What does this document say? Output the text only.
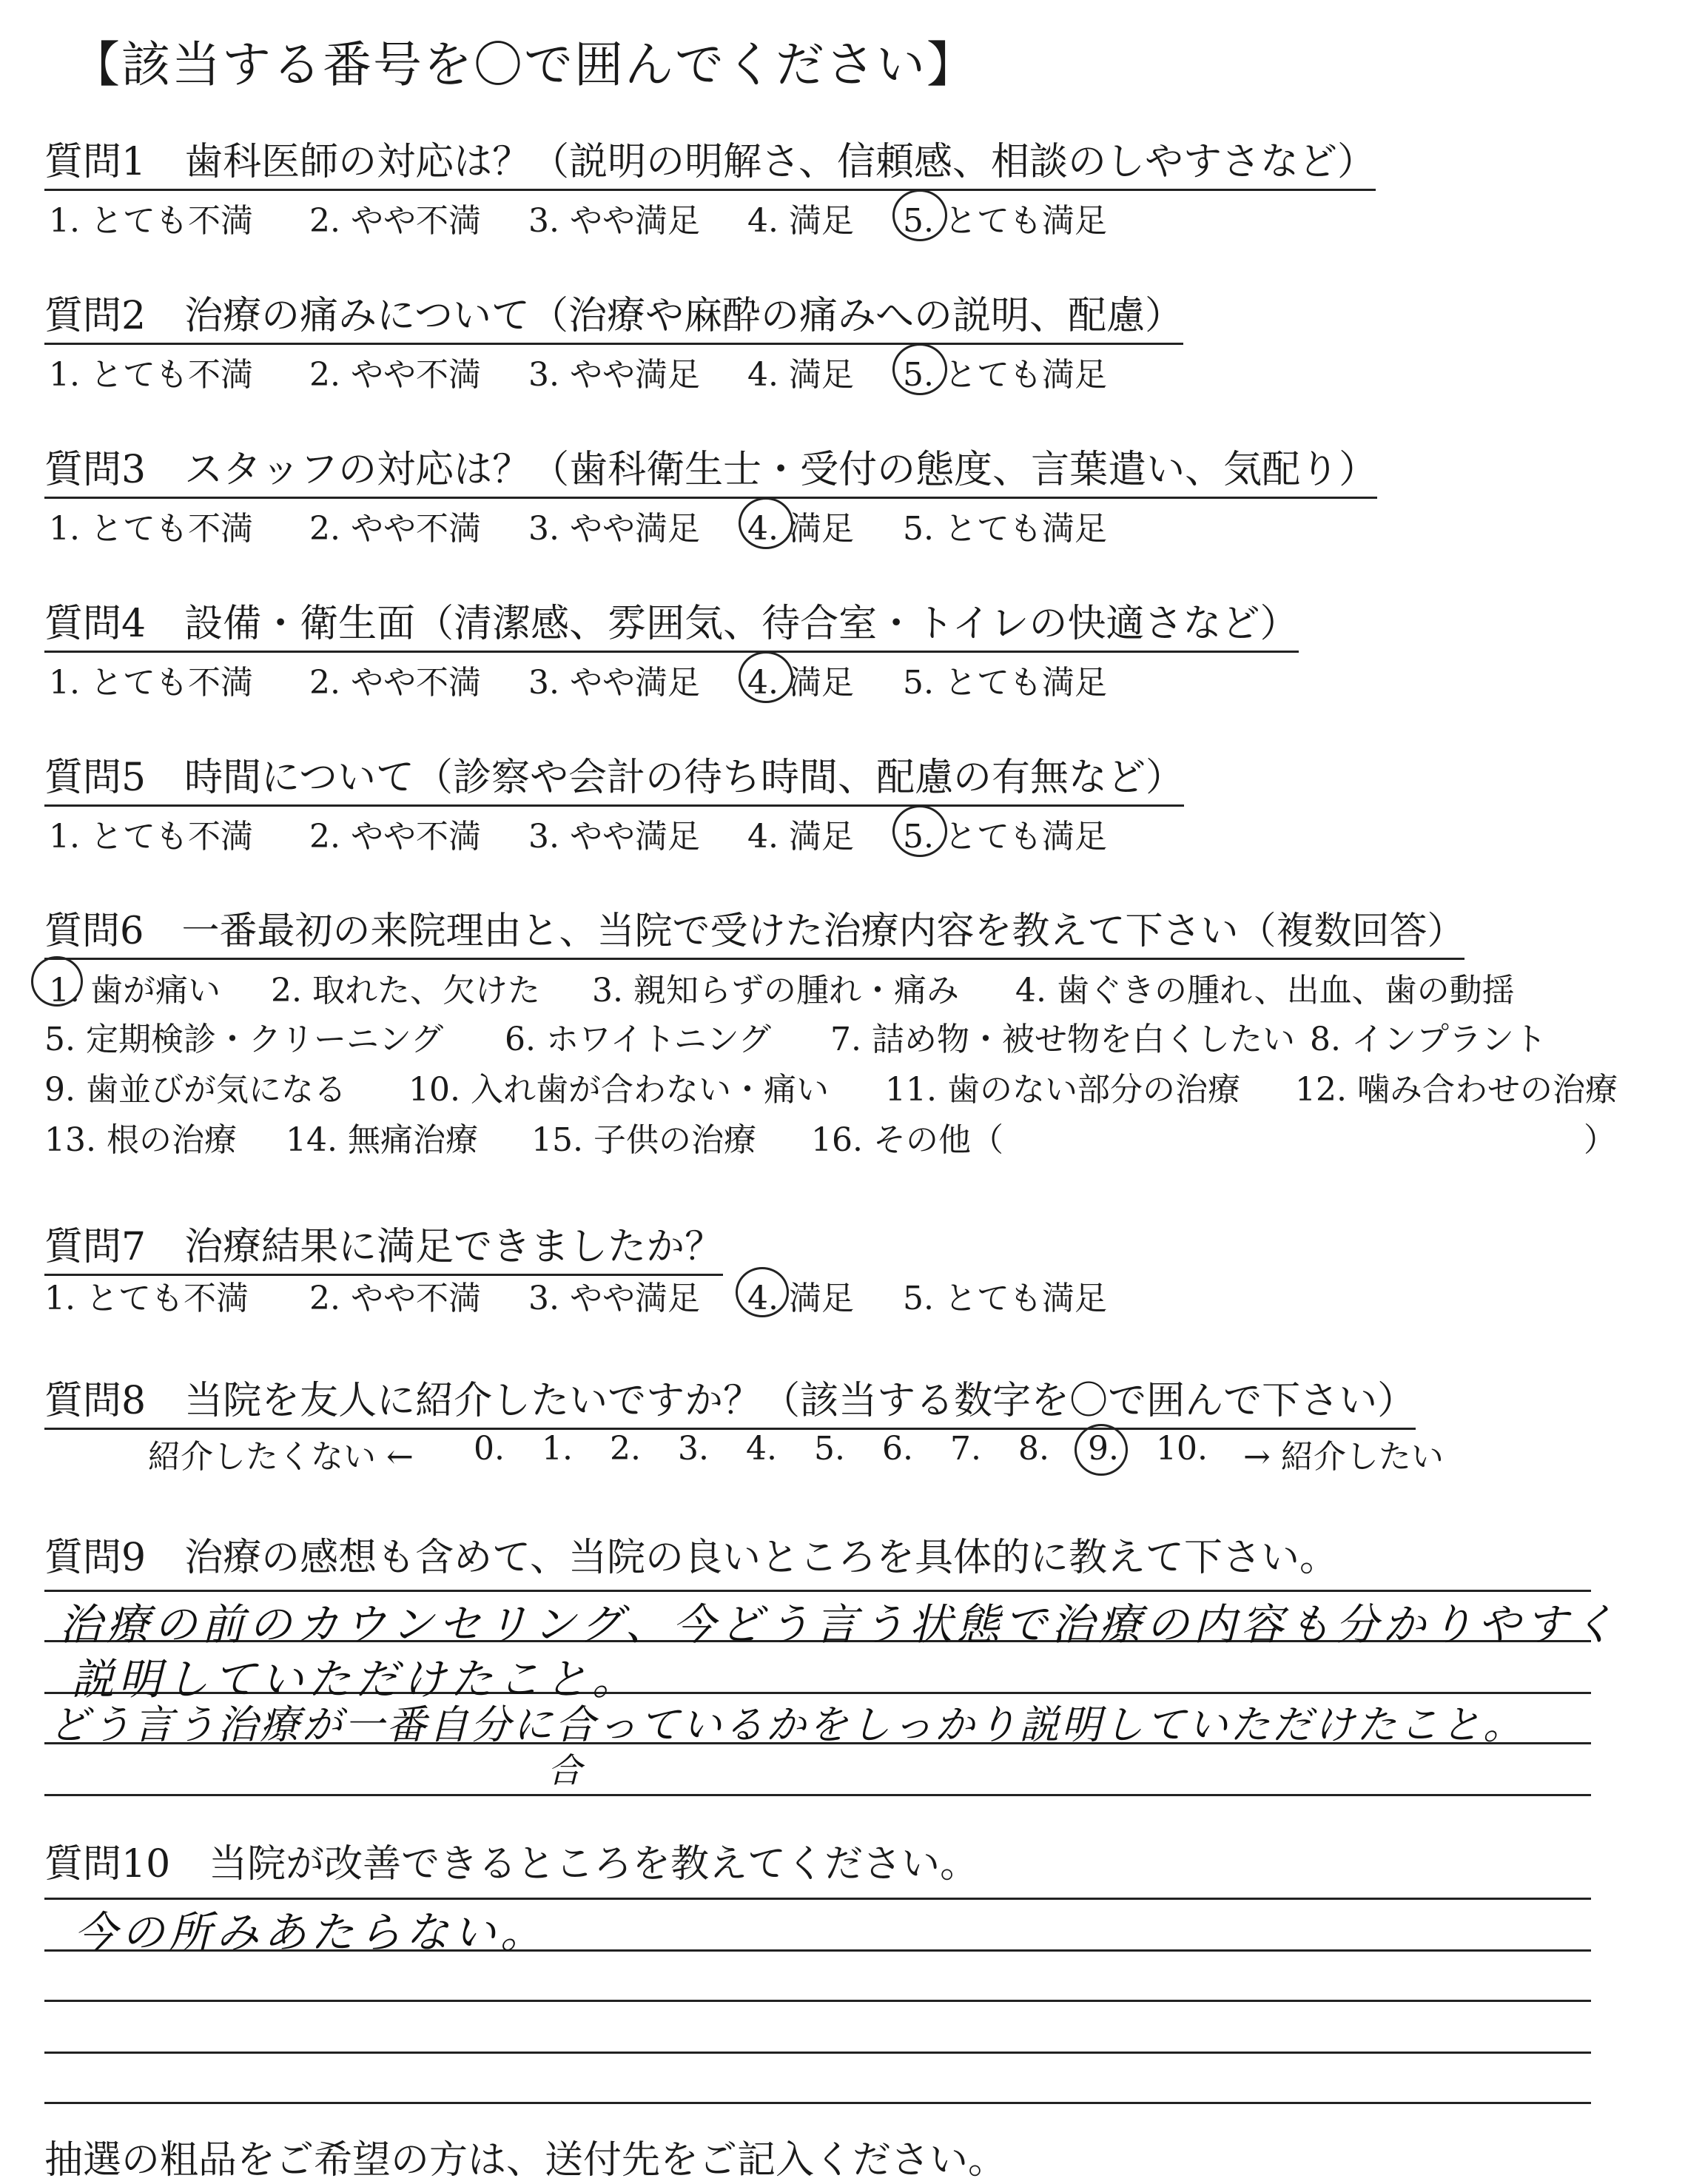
【該当する番号を〇で囲んでください】
質問1　歯科医師の対応は？（説明の明解さ、信頼感、相談のしやすさなど）
1. とても不満 2. やや不満 3. やや満足 4. 満足 5. とても満足
質問2　治療の痛みについて（治療や麻酔の痛みへの説明、配慮）
1. とても不満 2. やや不満 3. やや満足 4. 満足 5. とても満足
質問3　スタッフの対応は？（歯科衛生士・受付の態度、言葉遣い、気配り）
1. とても不満 2. やや不満 3. やや満足 4. 満足 5. とても満足
質問4　設備・衛生面（清潔感、雰囲気、待合室・トイレの快適さなど）
1. とても不満 2. やや不満 3. やや満足 4. 満足 5. とても満足
質問5　時間について（診察や会計の待ち時間、配慮の有無など）
1. とても不満 2. やや不満 3. やや満足 4. 満足 5. とても満足
質問6　一番最初の来院理由と、当院で受けた治療内容を教えて下さい（複数回答）
1. 歯が痛い 2. 取れた、欠けた 3. 親知らずの腫れ・痛み 4. 歯ぐきの腫れ、出血、歯の動揺
5. 定期検診・クリーニング 6. ホワイトニング 7. 詰め物・被せ物を白くしたい 8. インプラント
9. 歯並びが気になる 10. 入れ歯が合わない・痛い 11. 歯のない部分の治療 12. 噛み合わせの治療
13. 根の治療 14. 無痛治療 15. 子供の治療 16. その他（	）
質問7　治療結果に満足できましたか？
1. とても不満 2. やや不満 3. やや満足 4. 満足 5. とても満足
質問8　当院を友人に紹介したいですか？（該当する数字を〇で囲んで下さい）
紹介したくない ← 0. 1. 2. 3. 4. 5. 6. 7. 8. 9. 10. → 紹介したい
質問9　治療の感想も含めて、当院の良いところを具体的に教えて下さい。
治療の前のカウンセリング、今どう言う状態で治療の内容も分かりやすく
説明していただけたこと。
どう言う治療が一番自分に合っているかをしっかり説明していただけたこと。
合
質問10　当院が改善できるところを教えてください。
今の所みあたらない。
抽選の粗品をご希望の方は、送付先をご記入ください。
